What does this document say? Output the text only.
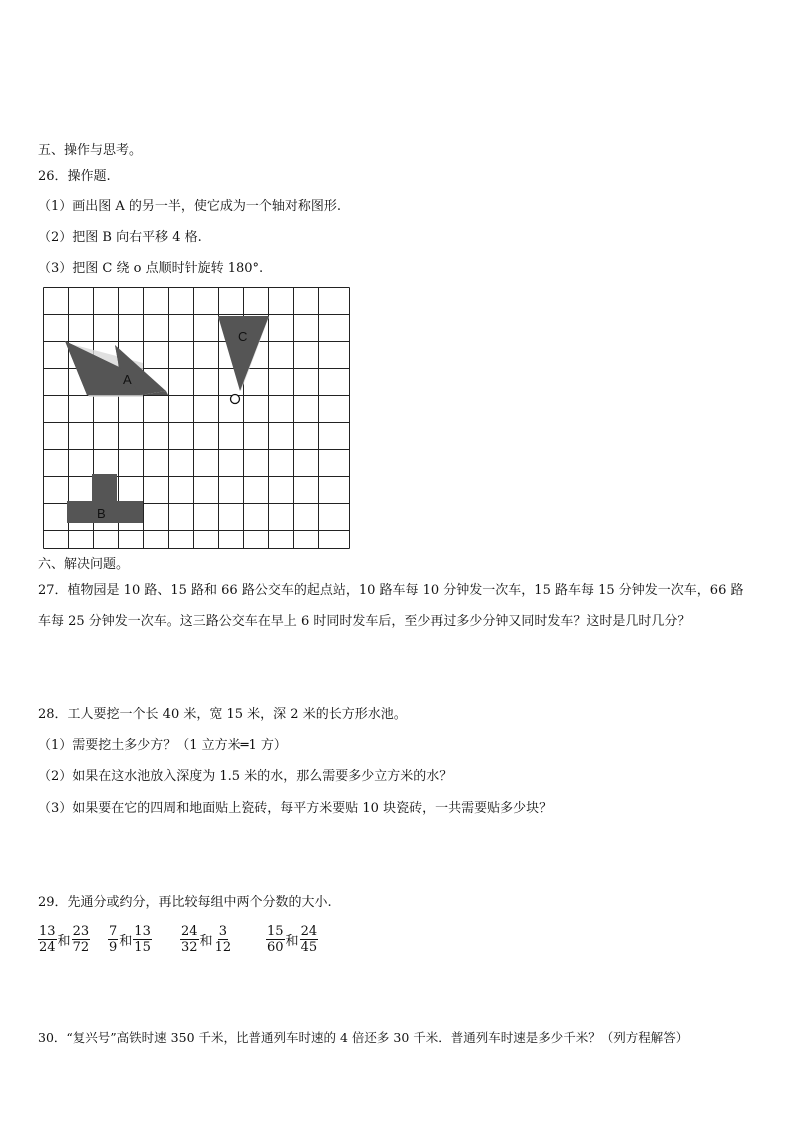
五、操作与思考。
26．操作题.
（1）画出图 A 的另一半，使它成为一个轴对称图形.
（2）把图 B 向右平移 4 格.
（3）把图 C 绕 o 点顺时针旋转 180°.
A
B
C
六、解决问题。
27．植物园是 10 路、15 路和 66 路公交车的起点站，10 路车每 10 分钟发一次车，15 路车每 15 分钟发一次车，66 路
车每 25 分钟发一次车。这三路公交车在早上 6 时同时发车后，至少再过多少分钟又同时发车？这时是几时几分？
28．工人要挖一个长 40 米，宽 15 米，深 2 米的长方形水池。
（1）需要挖土多少方？（1 立方米═1 方）
（2）如果在这水池放入深度为 1.5 米的水，那么需要多少立方米的水？
（3）如果要在它的四周和地面贴上瓷砖，每平方米要贴 10 块瓷砖，一共需要贴多少块？
29．先通分或约分，再比较每组中两个分数的大小.
$\frac{13}{24}$ 和 $\frac{23}{72} \frac{7}{9}$ 和 $\frac{13}{15} \frac{24}{32}$ 和 $\frac{3}{12}$	$\frac{15}{60}$ 和 $\frac{24}{45}$
30．“复兴号”高铁时速 350 千米，比普通列车时速的 4 倍还多 30 千米．普通列车时速是多少千米？（列方程解答）
